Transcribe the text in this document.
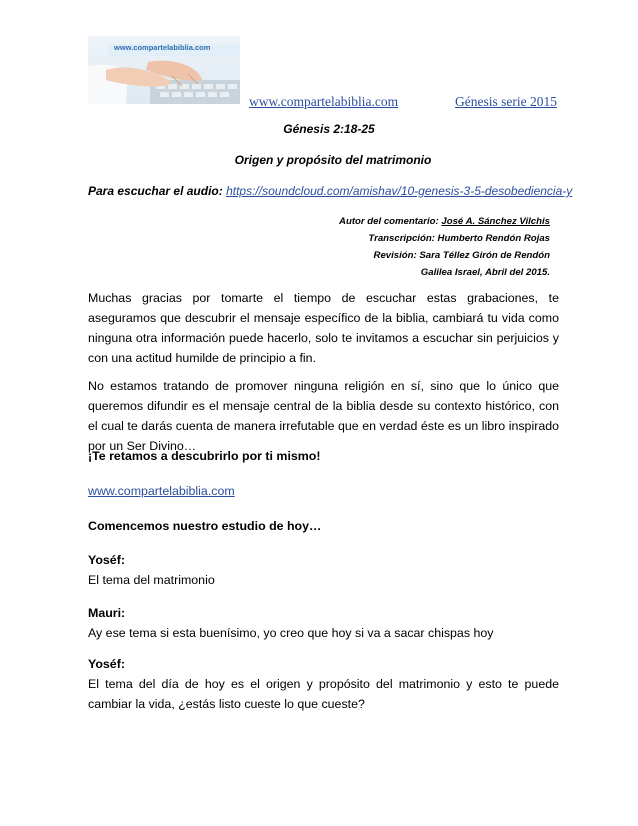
www.compartelabiblia.com
www.compartelabiblia.com	Génesis serie 2015
Génesis 2:18-25
Origen y propósito del matrimonio
Para escuchar el audio: https://soundcloud.com/amishav/10-genesis-3-5-desobediencia-y
Autor del comentario: José A. Sánchez Vilchis
Transcripción: Humberto Rendón Rojas
Revisión: Sara Téllez Girón de Rendón
Galilea Israel, Abril del 2015.
Muchas gracias por tomarte el tiempo de escuchar estas grabaciones, te aseguramos que descubrir el mensaje específico de la biblia, cambiará tu vida como ninguna otra información puede hacerlo, solo te invitamos a escuchar sin perjuicios y con una actitud humilde de principio a fin.
No estamos tratando de promover ninguna religión en sí, sino que lo único que queremos difundir es el mensaje central de la biblia desde su contexto histórico, con el cual te darás cuenta de manera irrefutable que en verdad éste es un libro inspirado por un Ser Divino…
¡Te retamos a descubrirlo por ti mismo!
www.compartelabiblia.com
Comencemos nuestro estudio de hoy…
Yoséf:
El tema del matrimonio
Mauri:
Ay ese tema si esta buenísimo, yo creo que hoy si va a sacar chispas hoy
Yoséf:
El tema del día de hoy es el origen y propósito del matrimonio y esto te puede cambiar la vida, ¿estás listo cueste lo que cueste?
